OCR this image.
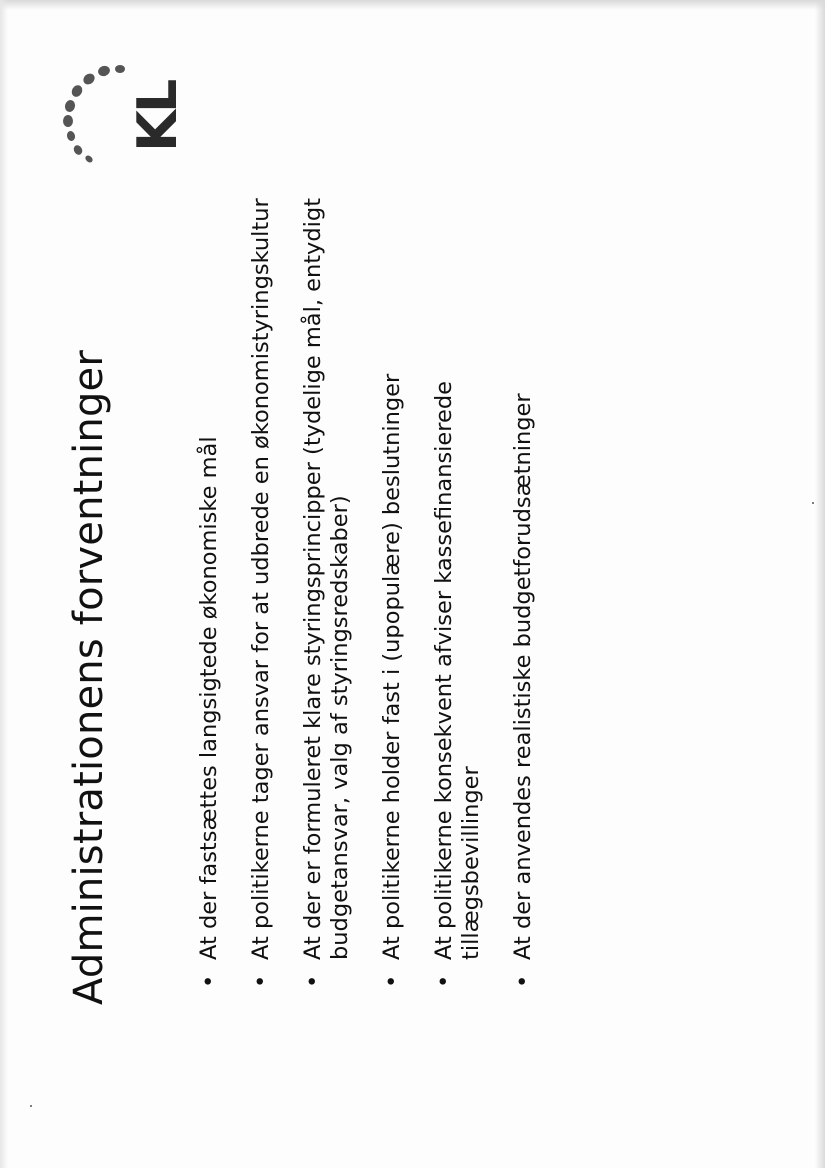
Administrationens forventninger
KL
•
At der fastsættes langsigtede økonomiske mål
•
At politikerne tager ansvar for at udbrede en økonomistyringskultur
•
At der er formuleret klare styringsprincipper (tydelige mål, entydigt budgetansvar, valg af styringsredskaber)
•
At politikerne holder fast i (upopulære) beslutninger
•
At politikerne konsekvent afviser kassefinansierede tillægsbevillinger
•
At der anvendes realistiske budgetforudsætninger
